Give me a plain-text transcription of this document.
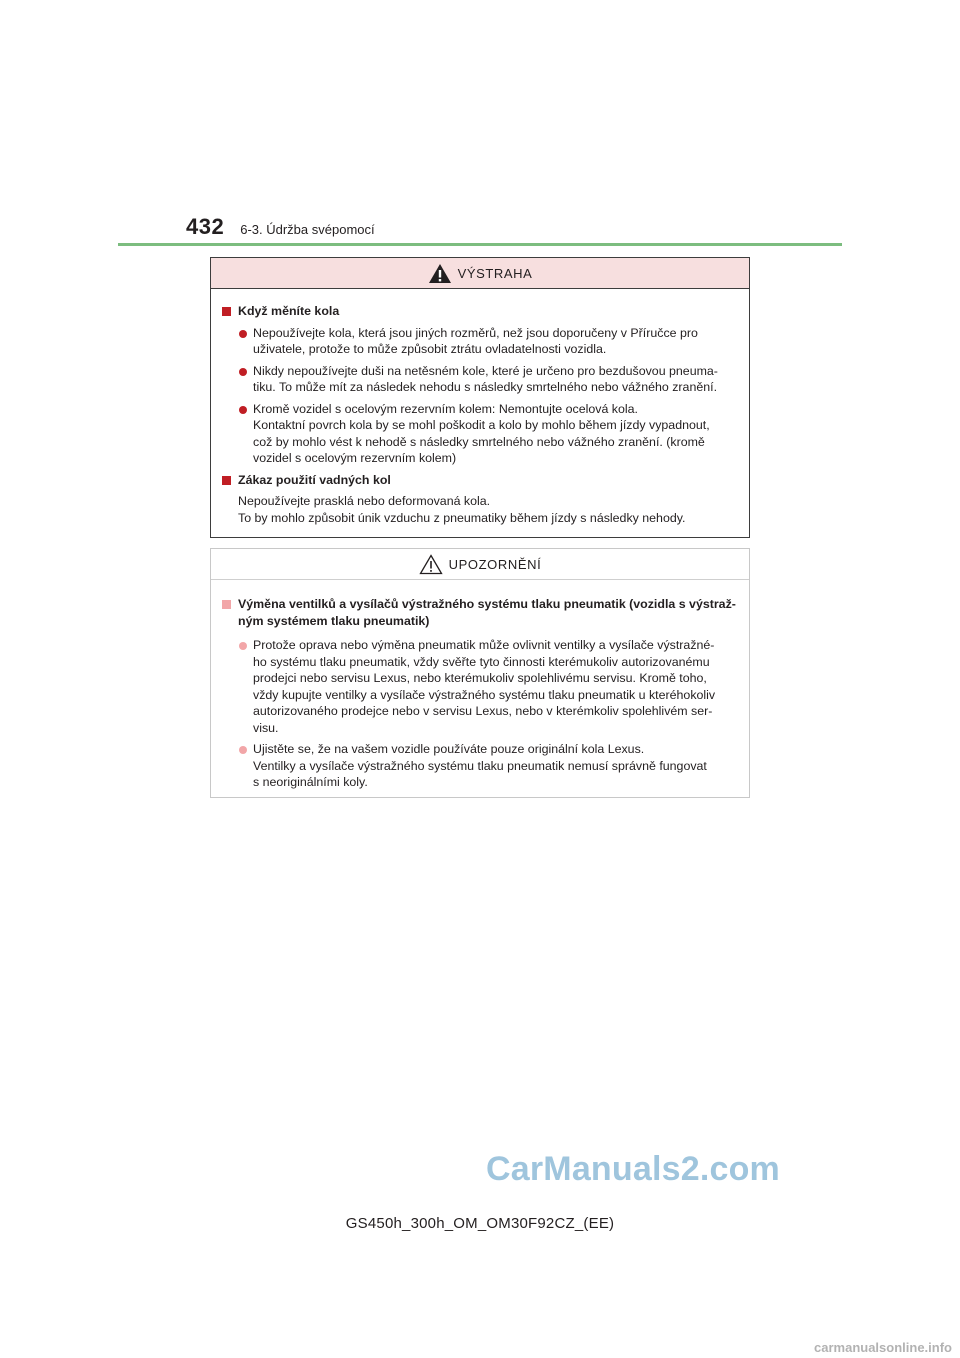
432 6-3. Údržba svépomocí
VÝSTRAHA
Když měníte kola
Nepoužívejte kola, která jsou jiných rozměrů, než jsou doporučeny v Příručce pro
uživatele, protože to může způsobit ztrátu ovladatelnosti vozidla.
Nikdy nepoužívejte duši na netěsném kole, které je určeno pro bezdušovou pneuma-
tiku. To může mít za následek nehodu s následky smrtelného nebo vážného zranění.
Kromě vozidel s ocelovým rezervním kolem: Nemontujte ocelová kola.
Kontaktní povrch kola by se mohl poškodit a kolo by mohlo během jízdy vypadnout,
což by mohlo vést k nehodě s následky smrtelného nebo vážného zranění. (kromě
vozidel s ocelovým rezervním kolem)
Zákaz použití vadných kol
Nepoužívejte prasklá nebo deformovaná kola.
To by mohlo způsobit únik vzduchu z pneumatiky během jízdy s následky nehody.
UPOZORNĚNÍ
Výměna ventilků a vysílačů výstražného systému tlaku pneumatik (vozidla s výstraž-
ným systémem tlaku pneumatik)
Protože oprava nebo výměna pneumatik může ovlivnit ventilky a vysílače výstražné-
ho systému tlaku pneumatik, vždy svěřte tyto činnosti kterémukoliv autorizovanému
prodejci nebo servisu Lexus, nebo kterémukoliv spolehlivému servisu. Kromě toho,
vždy kupujte ventilky a vysílače výstražného systému tlaku pneumatik u kteréhokoliv
autorizovaného prodejce nebo v servisu Lexus, nebo v kterémkoliv spolehlivém ser-
visu.
Ujistěte se, že na vašem vozidle používáte pouze originální kola Lexus.
Ventilky a vysílače výstražného systému tlaku pneumatik nemusí správně fungovat
s neoriginálními koly.
CarManuals2.com
GS450h_300h_OM_OM30F92CZ_(EE)
carmanualsonline.info
